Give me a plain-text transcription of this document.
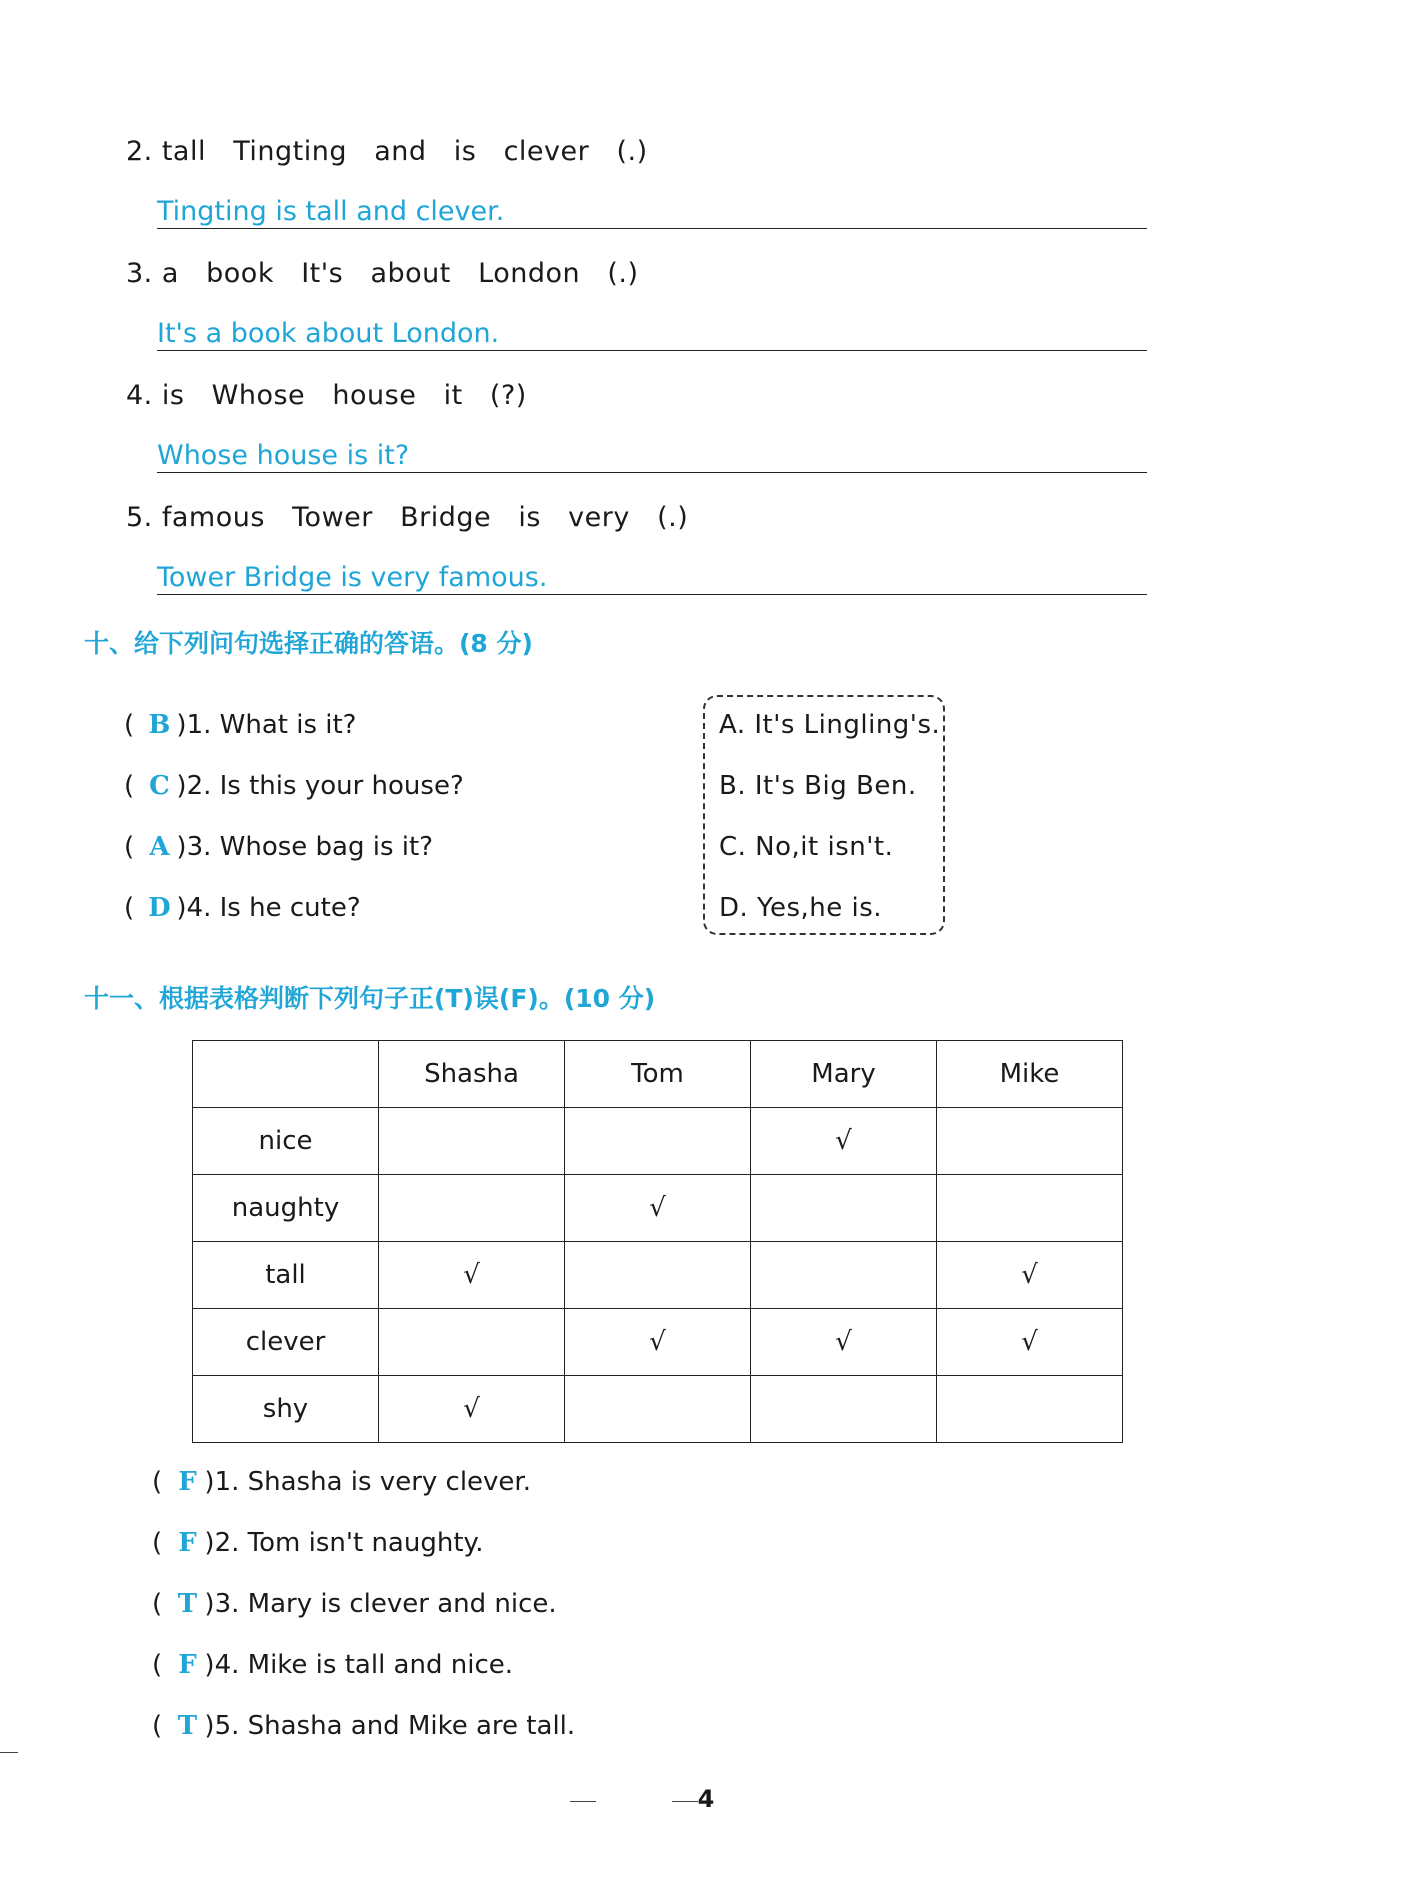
2. tall   Tingting   and   is   clever   (.)
Tingting is tall and clever.
3. a   book   It's   about   London   (.)
It's a book about London.
4. is   Whose   house   it   (?)
Whose house is it?
5. famous   Tower   Bridge   is   very   (.)
Tower Bridge is very famous.
十、给下列问句选择正确的答语。(8 分)
( B )1. What is it?
( C )2. Is this your house?
( A )3. Whose bag is it?
( D )4. Is he cute?
A. It's Lingling's.
B. It's Big Ben.
C. No,it isn't.
D. Yes,he is.
十一、根据表格判断下列句子正(T)误(F)。(10 分)
	Shasha	Tom	Mary	Mike
nice			√	
naughty		√		
tall	√			√
clever		√	√	√
shy	√			
( F )1. Shasha is very clever.
( F )2. Tom isn't naughty.
( T )3. Mary is clever and nice.
( F )4. Mike is tall and nice.
( T )5. Shasha and Mike are tall.
4
